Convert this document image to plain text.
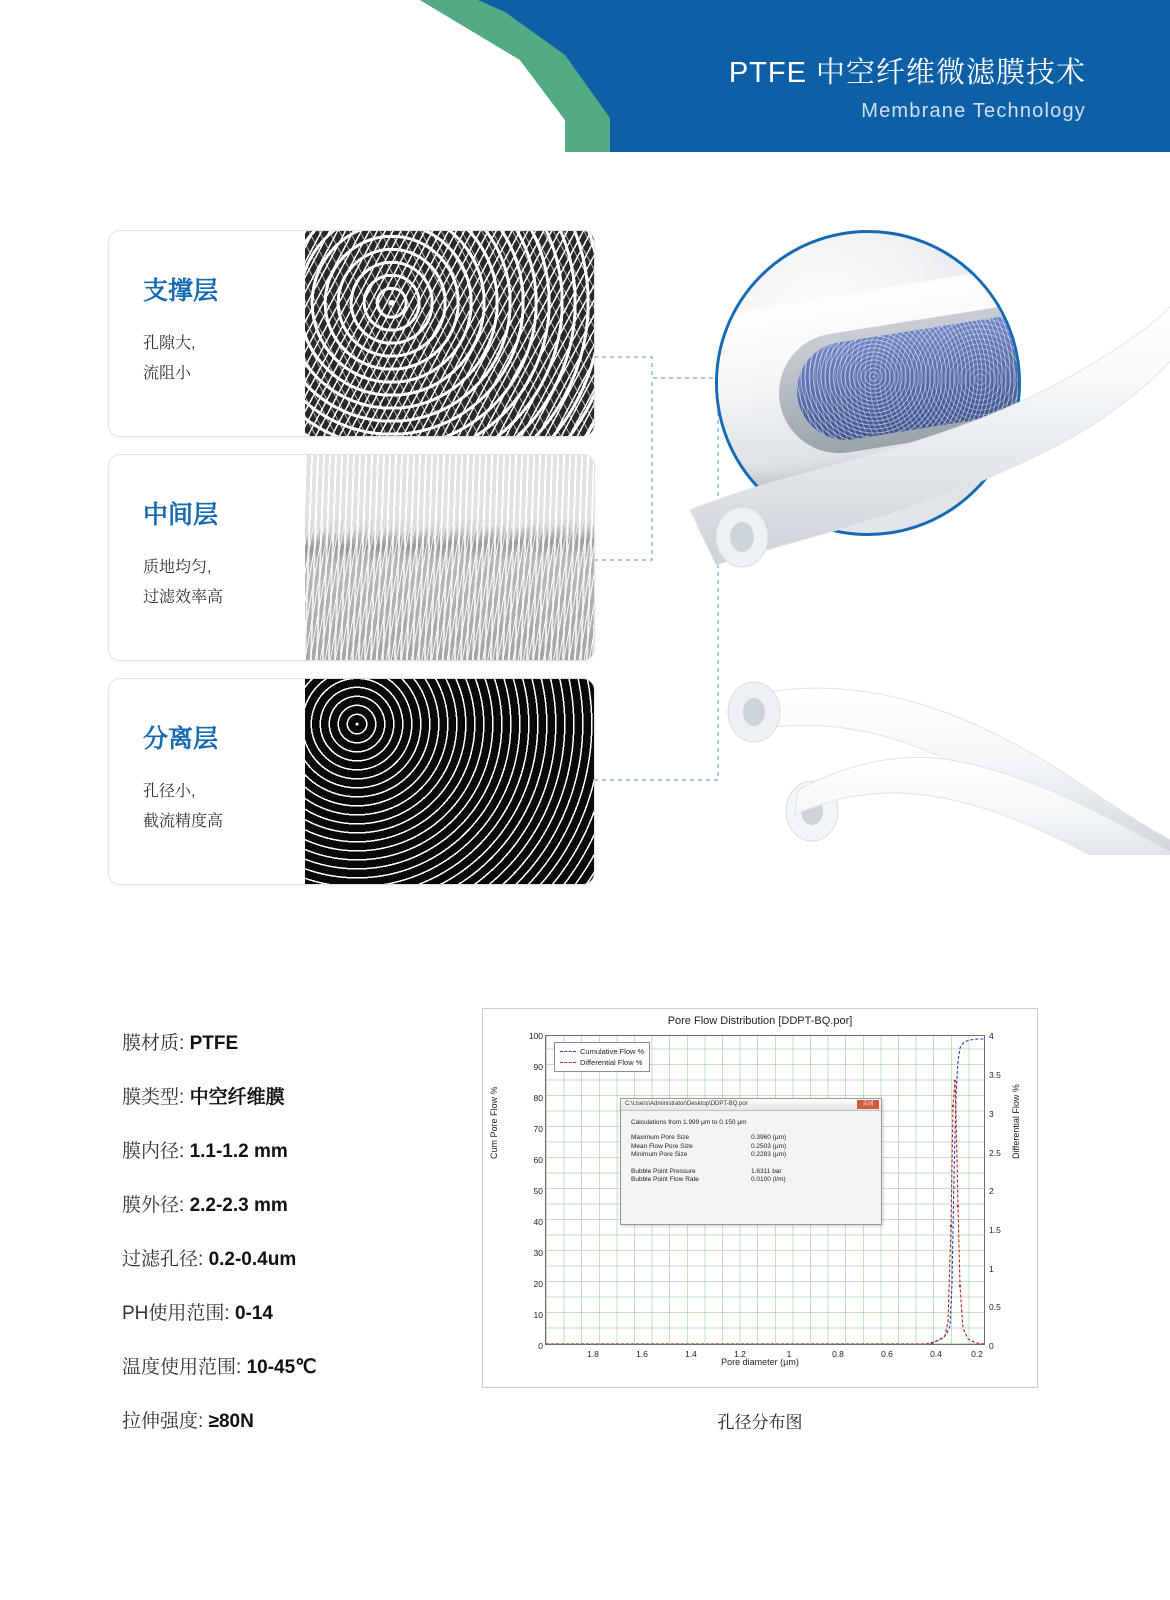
PTFE 中空纤维微滤膜技术
Membrane Technology
支撑层
孔隙大,
流阻小
中间层
质地均匀,
过滤效率高
分离层
孔径小,
截流精度高
膜材质: PTFE
膜类型: 中空纤维膜
膜内径: 1.1-1.2 mm
膜外径: 2.2-2.3 mm
过滤孔径: 0.2-0.4um
PH使用范围: 0-14
温度使用范围: 10-45℃
拉伸强度: ≥80N
Pore Flow Distribution [DDPT-BQ.por]
Cum Pore Flow %	Differential Flow %
Pore diameter (μm)
0
10
20
30
40
50
60
70
80
90
100
0
0.5
1
1.5
2
2.5
3
3.5
4
1.8	1.6	1.4	1.2	1	0.8	0.6	0.4	0.2
Cumulative Flow %
Differential Flow %
C:\Users\Administrator\Desktop\DDPT-BQ.por	关闭
Calculations from 1.999 μm to 0.150 μm
Maximum Pore Size	0.3960 (μm)
Mean Flow Pore Size	0.2503 (μm)
Minimum Pore Size	0.2283 (μm)
Bubble Point Pressure	1.6311 bar
Bubble Point Flow Rate	0.0100 (l/m)
孔径分布图
